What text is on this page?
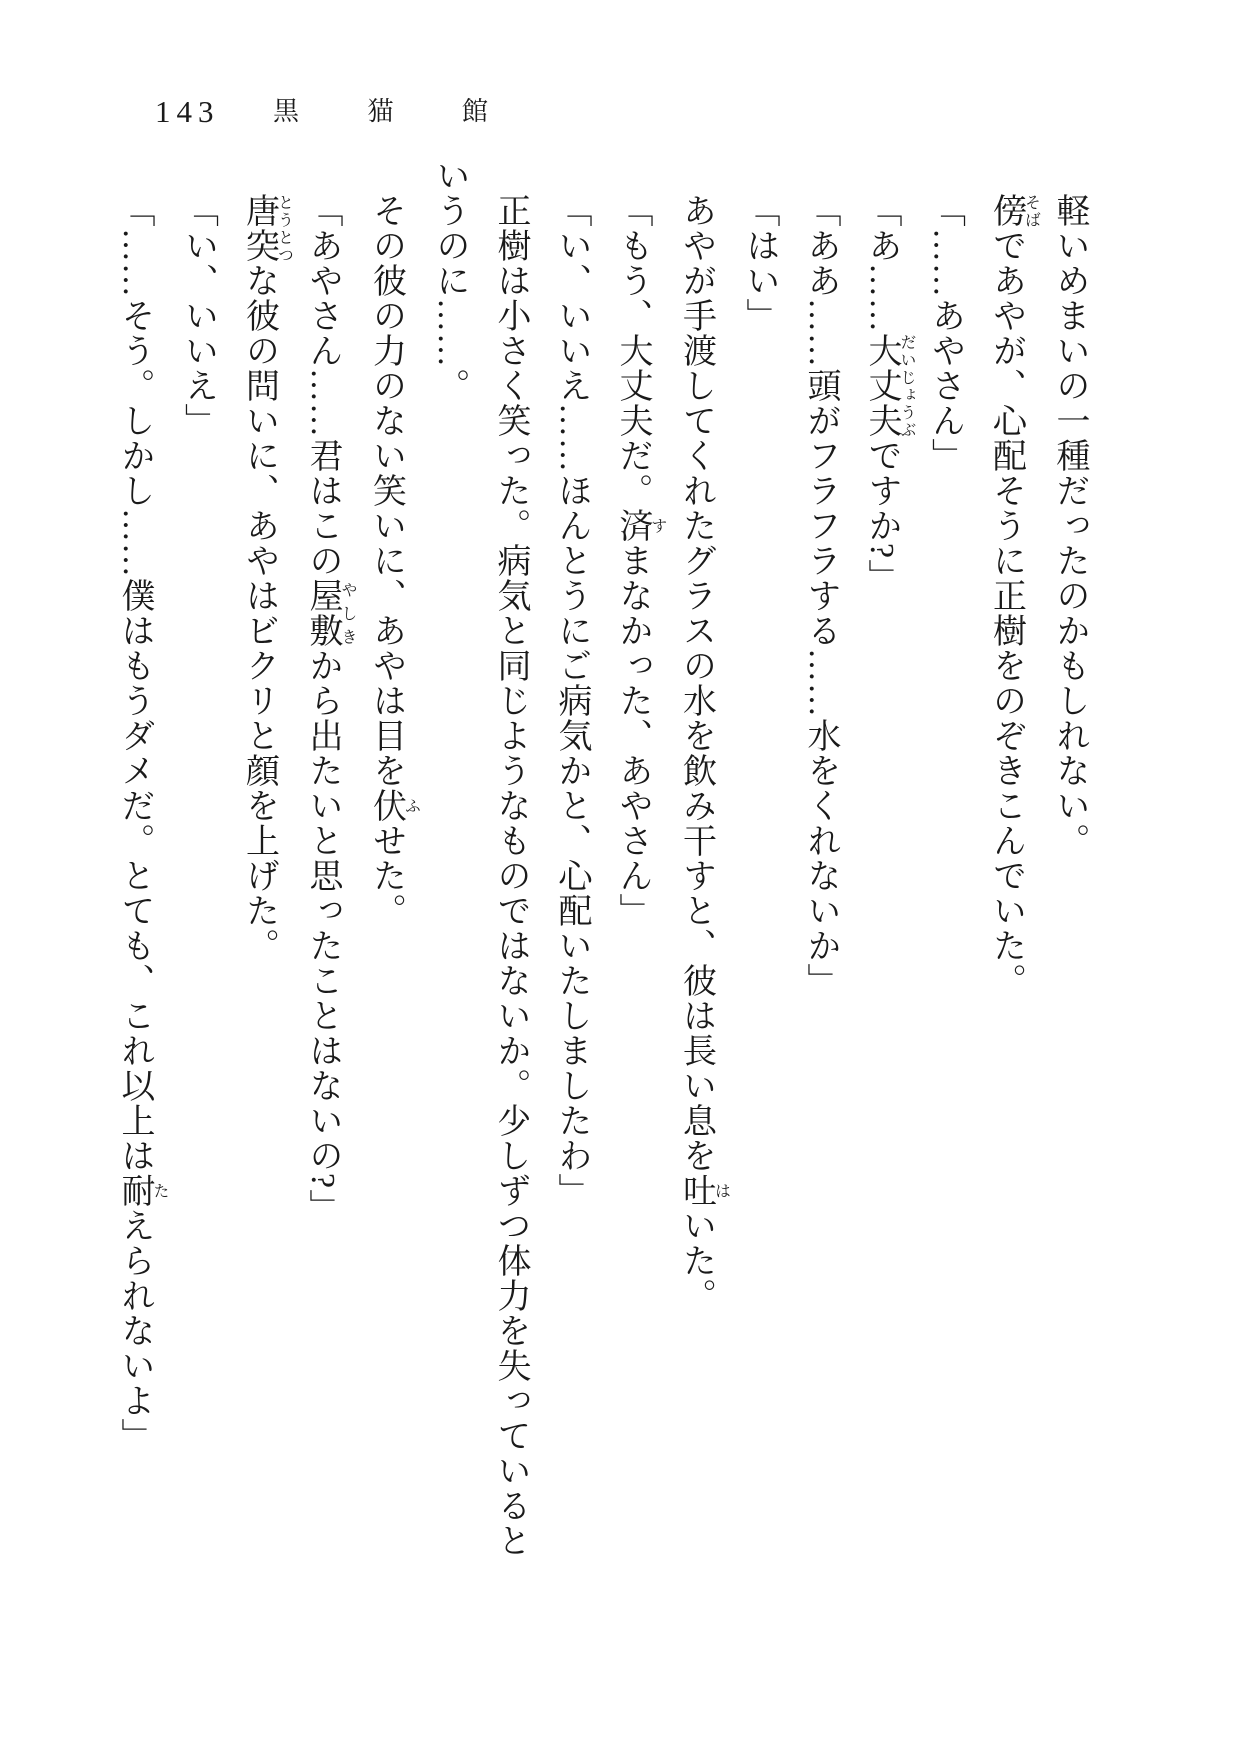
143 黒 猫 館

軽いめまいの一種だったのかもしれない。

傍そばであやが、心配そうに正樹をのぞきこんでいた。

「……あやさん」

「あ……大丈夫だいじょうぶですか?」

「ああ……頭がフラフラする……水をくれないか」

「はい」

あやが手渡してくれたグラスの水を飲み干すと、彼は長い息を吐はいた。

「もう、大丈夫だ。済すまなかった、あやさん」

「い、いいえ……ほんとうにご病気かと、心配いたしましたわ」

正樹は小さく笑った。病気と同じようなものではないか。少しずつ体力を失っているというのに……。

その彼の力のない笑いに、あやは目を伏ふせた。

「あやさん……君はこの屋敷やしきから出たいと思ったことはないの?」

唐突とうとつな彼の問いに、あやはビクリと顔を上げた。

「い、いいえ」

「……そう。しかし……僕はもうダメだ。とても、これ以上は耐たえられないよ」
